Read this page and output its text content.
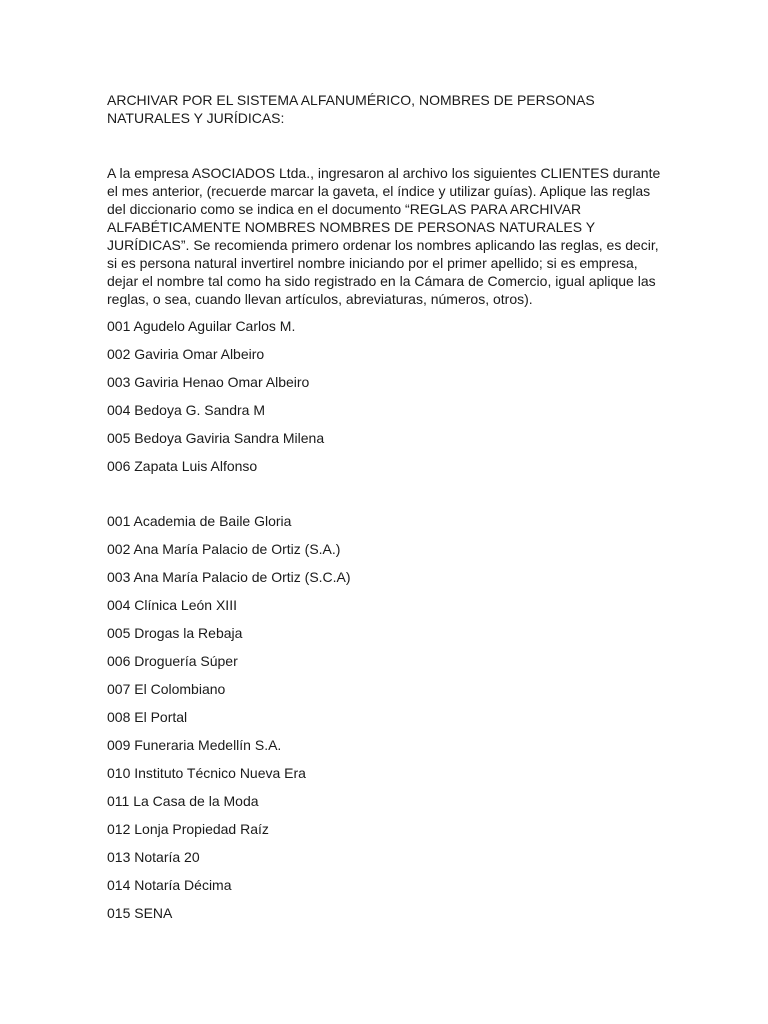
ARCHIVAR POR EL SISTEMA ALFANUMÉRICO, NOMBRES DE PERSONAS NATURALES Y JURÍDICAS:

A la empresa ASOCIADOS Ltda., ingresaron al archivo los siguientes CLIENTES durante el mes anterior, (recuerde marcar la gaveta, el índice y utilizar guías). Aplique las reglas del diccionario como se indica en el documento “REGLAS PARA ARCHIVAR ALFABÉTICAMENTE NOMBRES NOMBRES DE PERSONAS NATURALES Y JURÍDICAS”. Se recomienda primero ordenar los nombres aplicando las reglas, es decir, si es persona natural invertirel nombre iniciando por el primer apellido; si es empresa, dejar el nombre tal como ha sido registrado en la Cámara de Comercio, igual aplique las reglas, o sea, cuando llevan artículos, abreviaturas, números, otros).

001 Agudelo Aguilar Carlos M.
002 Gaviria Omar Albeiro
003 Gaviria Henao Omar Albeiro
004 Bedoya G. Sandra M
005 Bedoya Gaviria Sandra Milena
006 Zapata Luis Alfonso
001 Academia de Baile Gloria
002 Ana María Palacio de Ortiz (S.A.)
003 Ana María Palacio de Ortiz (S.C.A)
004 Clínica León XIII
005 Drogas la Rebaja
006 Droguería Súper
007 El Colombiano
008 El Portal
009 Funeraria Medellín S.A.
010 Instituto Técnico Nueva Era
011 La Casa de la Moda
012 Lonja Propiedad Raíz
013 Notaría 20
014 Notaría Décima
015 SENA
